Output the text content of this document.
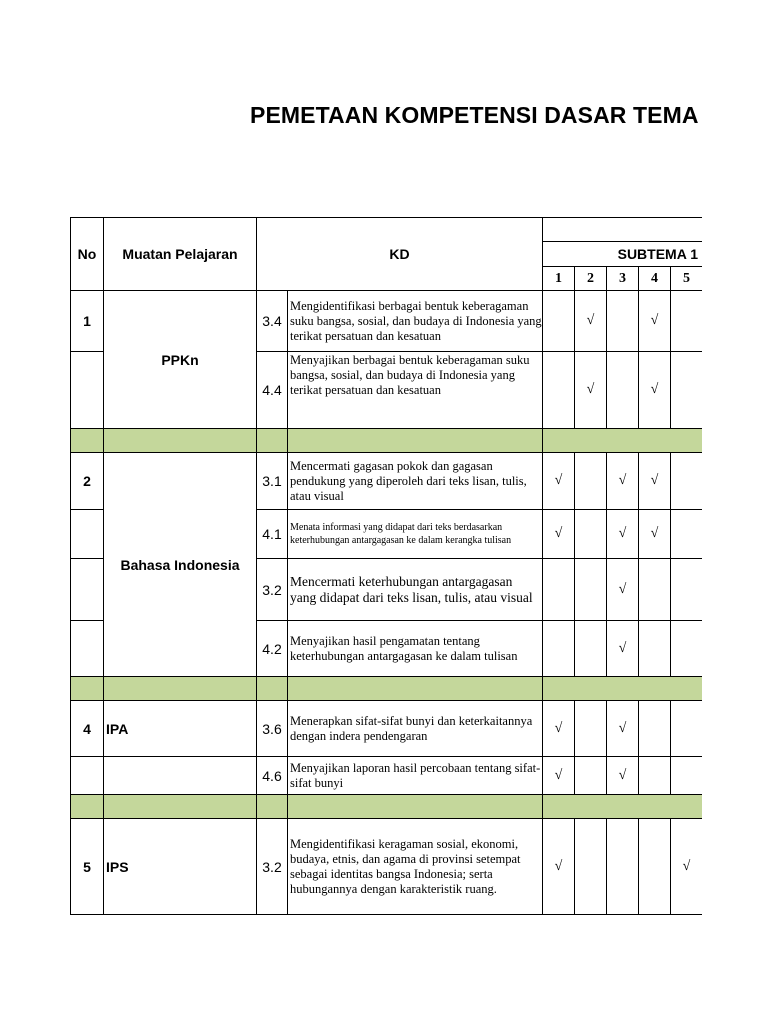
PEMETAAN KOMPETENSI DASAR TEMA
No	Muatan Pelajaran	KD						
				SUBTEMA 1				
				1	2	3	4	5
1	PPKn	3.4	Mengidentifikasi berbagai bentuk keberagaman suku bangsa, sosial, dan budaya di Indonesia yang terikat persatuan dan kesatuan		√		√	
		4.4	Menyajikan berbagai bentuk keberagaman suku bangsa, sosial, dan budaya di Indonesia yang terikat persatuan dan kesatuan		√		√	

2	Bahasa Indonesia	3.1	Mencermati gagasan pokok dan gagasan pendukung yang diperoleh dari teks lisan, tulis, atau visual	√		√	√	
		4.1	Menata informasi yang didapat dari teks berdasarkan keterhubungan antargagasan ke dalam kerangka tulisan	√		√	√	
		3.2	Mencermati keterhubungan antargagasan yang didapat dari teks lisan, tulis, atau visual			√		
		4.2	Menyajikan hasil pengamatan tentang keterhubungan antargagasan ke dalam tulisan			√		

4	IPA	3.6	Menerapkan sifat-sifat bunyi dan keterkaitannya dengan indera pendengaran	√		√		
		4.6	Menyajikan laporan hasil percobaan tentang sifat-sifat bunyi	√		√		

5	IPS	3.2	Mengidentifikasi keragaman sosial, ekonomi, budaya, etnis, dan agama di provinsi setempat sebagai identitas bangsa Indonesia; serta hubungannya dengan karakteristik ruang.	√				√
